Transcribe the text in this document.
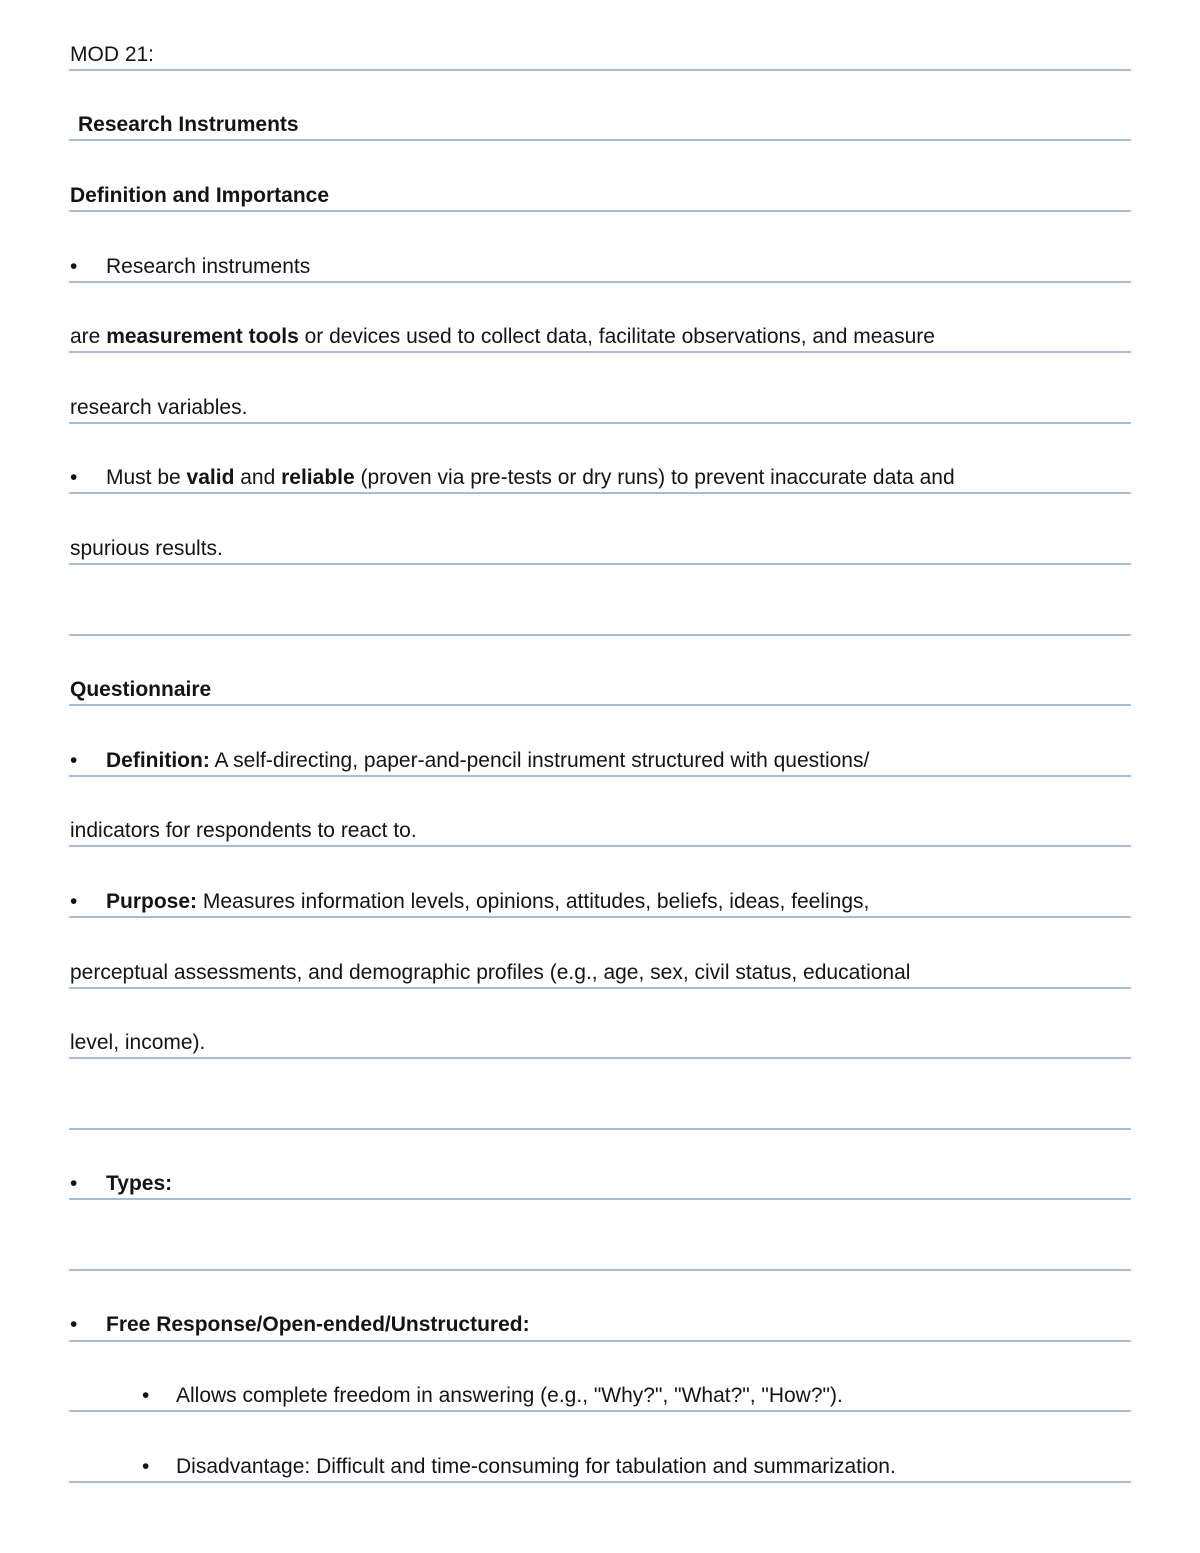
MOD 21:
Research Instruments
Definition and Importance
• Research instruments
are measurement tools or devices used to collect data, facilitate observations, and measure
research variables.
• Must be valid and reliable (proven via pre-tests or dry runs) to prevent inaccurate data and
spurious results.
Questionnaire
• Definition: A self-directing, paper-and-pencil instrument structured with questions/
indicators for respondents to react to.
• Purpose: Measures information levels, opinions, attitudes, beliefs, ideas, feelings,
perceptual assessments, and demographic profiles (e.g., age, sex, civil status, educational
level, income).
• Types:
• Free Response/Open-ended/Unstructured:
• Allows complete freedom in answering (e.g., "Why?", "What?", "How?").
• Disadvantage: Difficult and time-consuming for tabulation and summarization.
